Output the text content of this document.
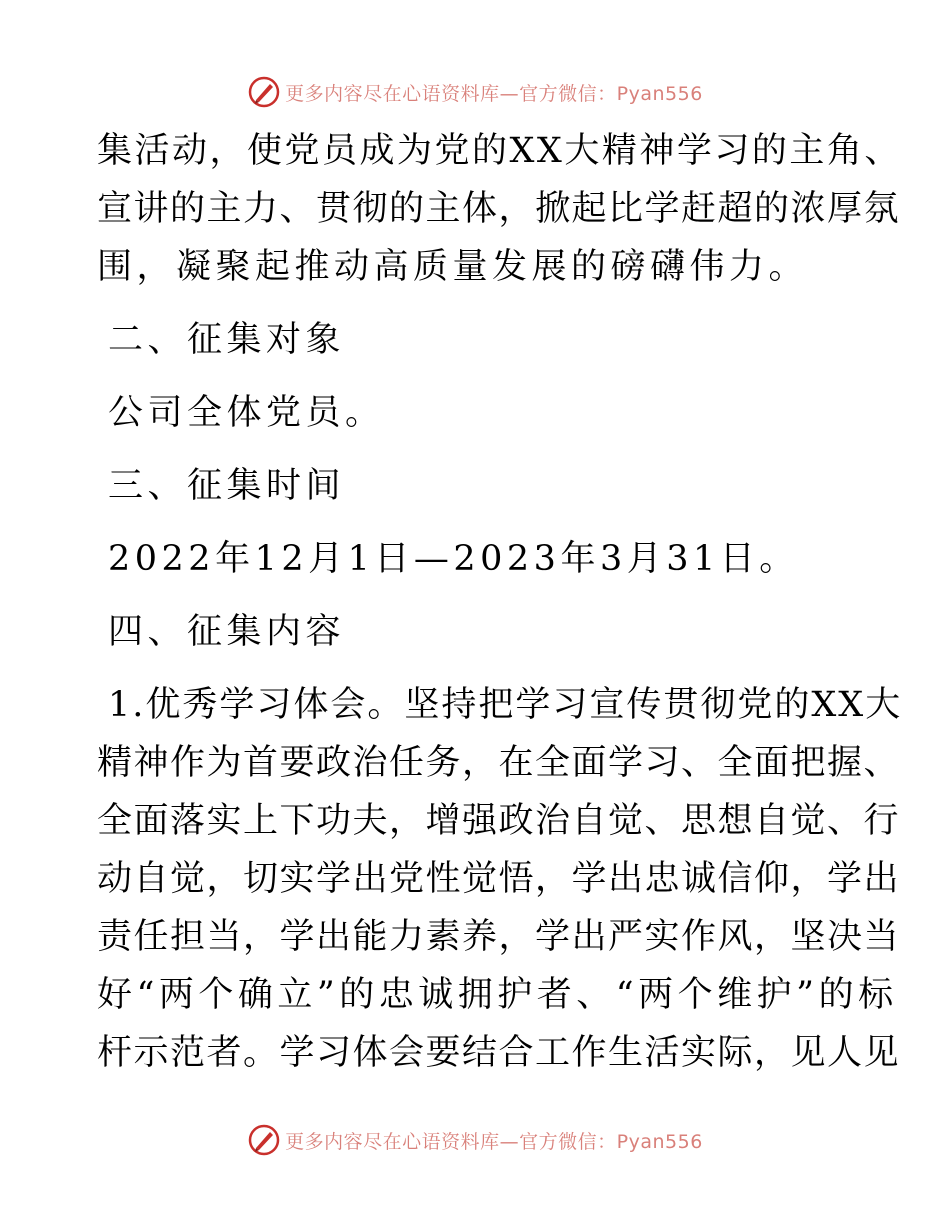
更多内容尽在心语资料库—官方微信：Pyan556
集活动，使党员成为党的XX大精神学习的主角、
宣讲的主力、贯彻的主体，掀起比学赶超的浓厚氛
围，凝聚起推动高质量发展的磅礴伟力。
二、征集对象
公司全体党员。
三、征集时间
2022年12月1日—2023年3月31日。
四、征集内容
1.优秀学习体会。坚持把学习宣传贯彻党的XX大
精神作为首要政治任务，在全面学习、全面把握、
全面落实上下功夫，增强政治自觉、思想自觉、行
动自觉，切实学出党性觉悟，学出忠诚信仰，学出
责任担当，学出能力素养，学出严实作风，坚决当
好“两个确立”的忠诚拥护者、“两个维护”的标
杆示范者。学习体会要结合工作生活实际，见人见
更多内容尽在心语资料库—官方微信：Pyan556
